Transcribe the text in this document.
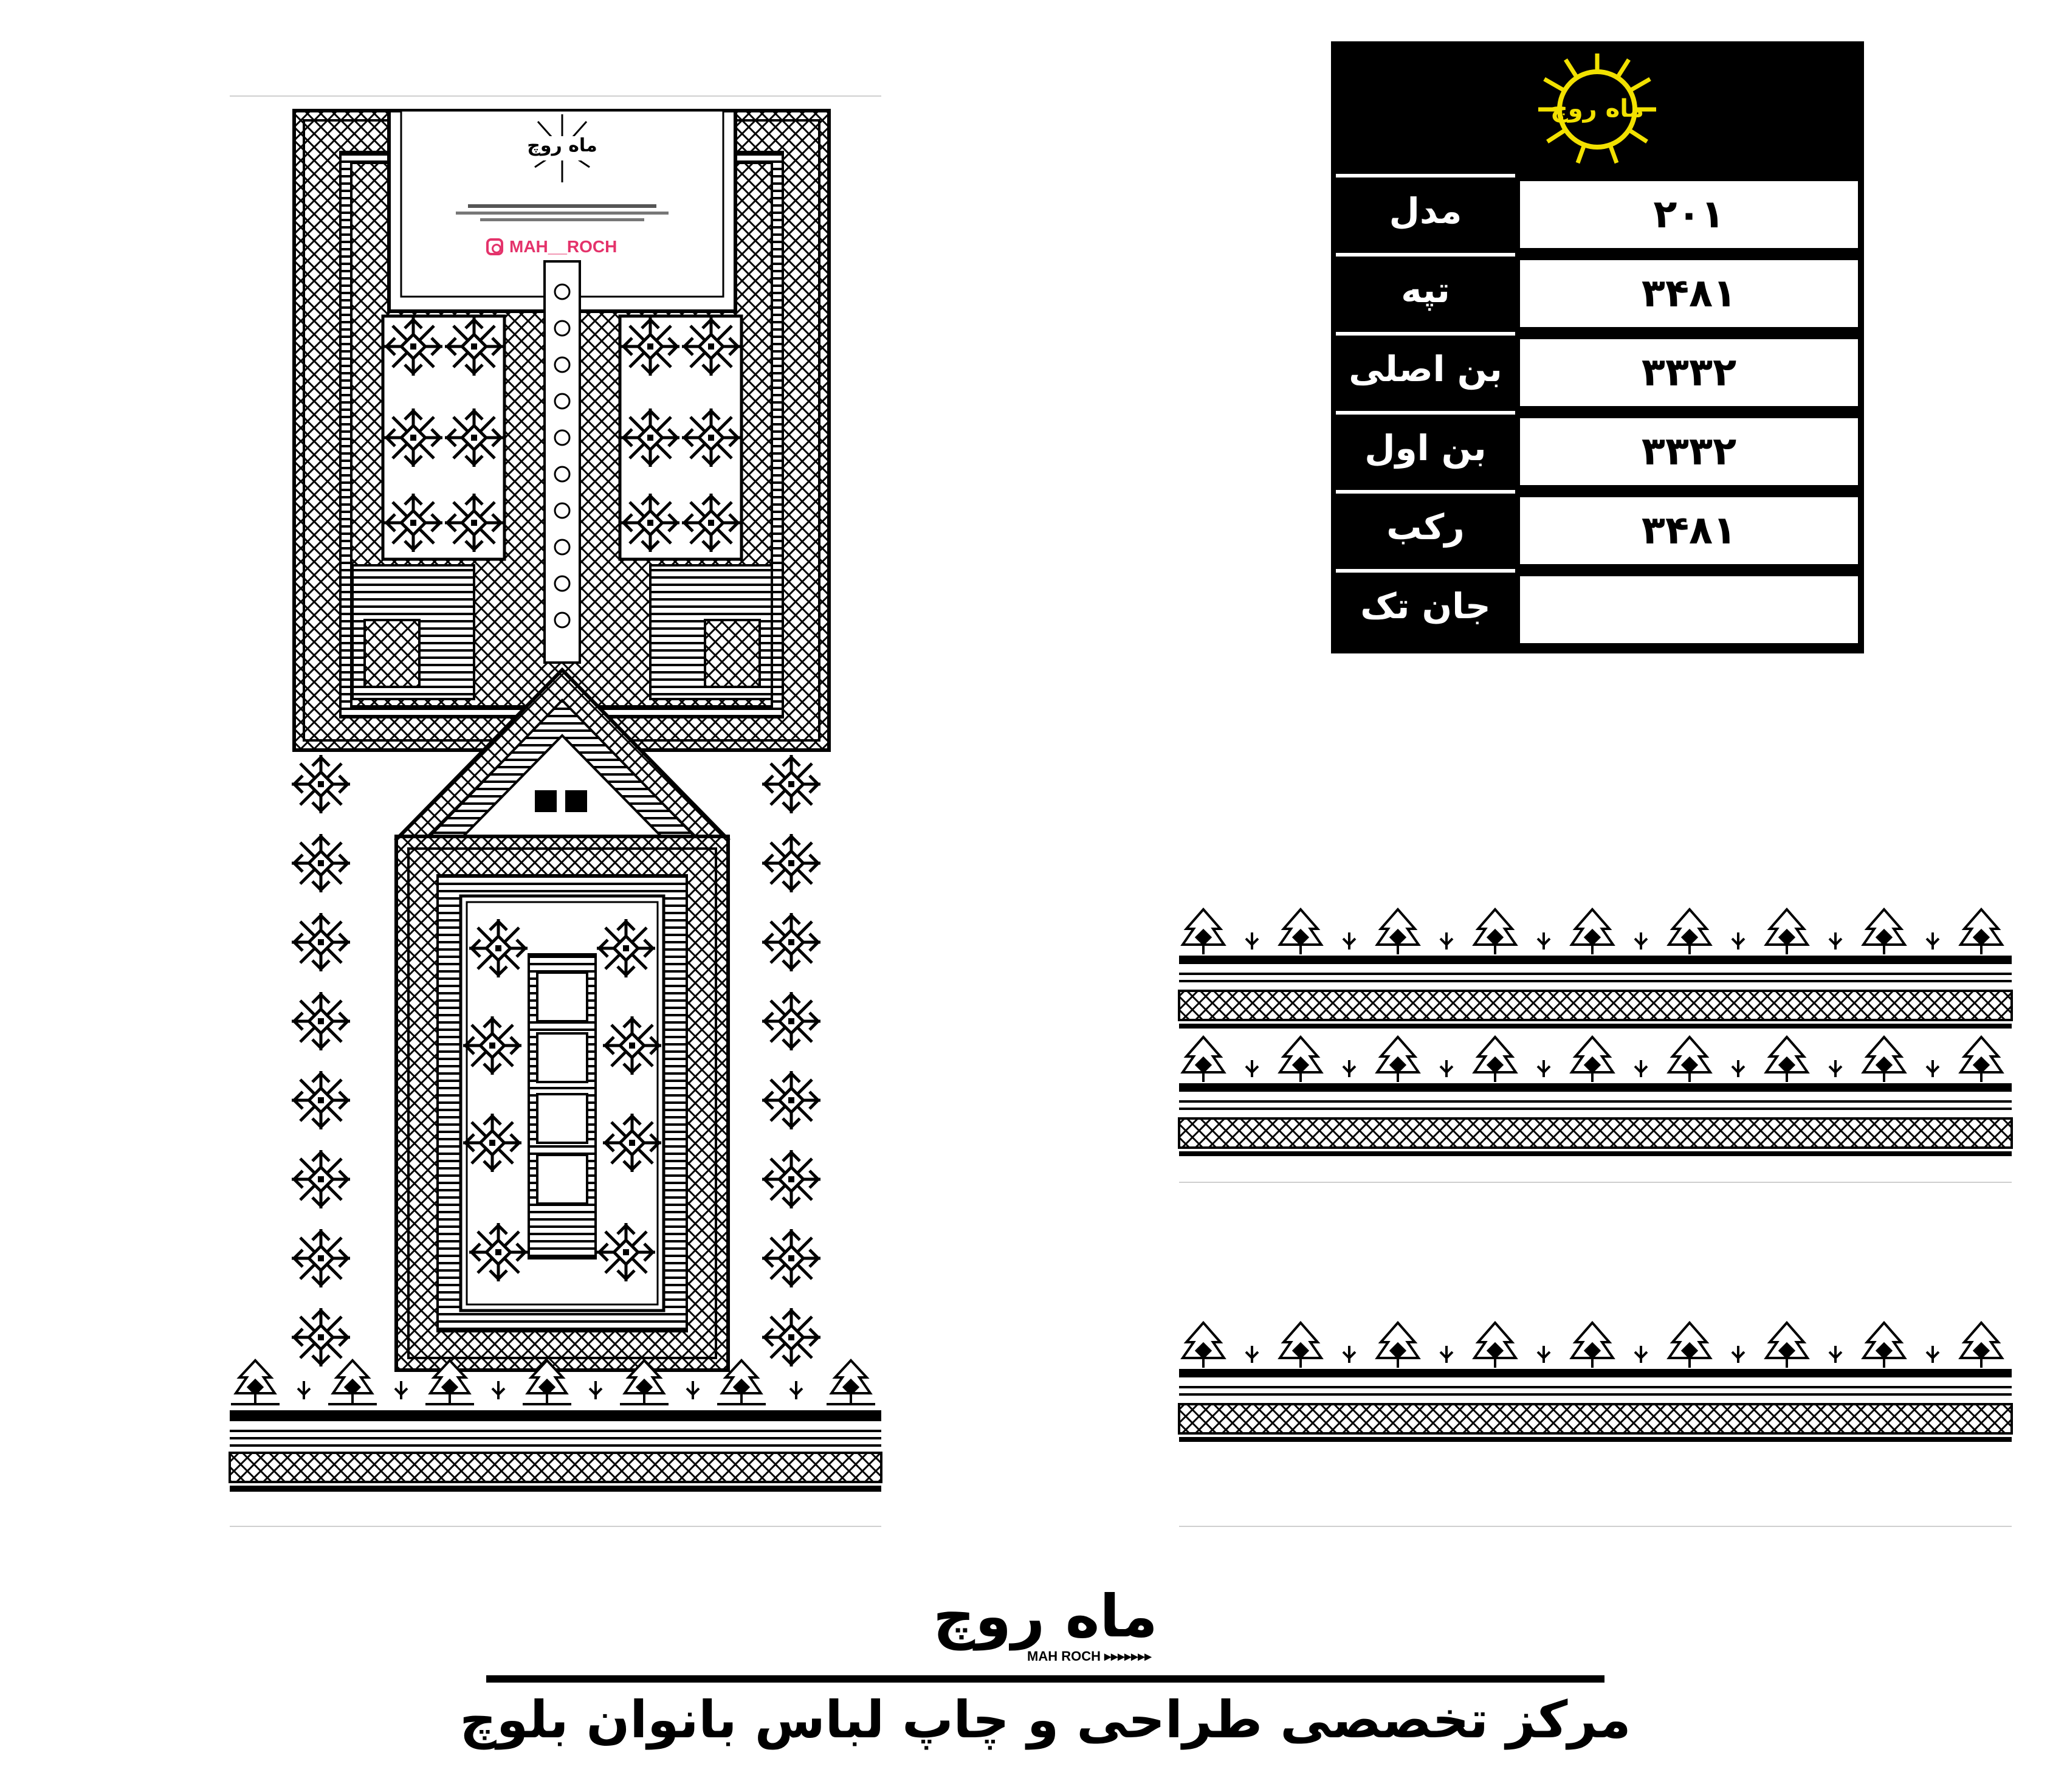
ماه روچ
MAH__ROCH
ماه روچ
۲۰۱
مدل
۳۴۸۱
تپه
۳۳۳۲
بن اصلی
۳۳۳۲
بن اول
۳۴۸۱
رکب
جان تک
ماه روچ
MAH ROCH ▸▸▸▸▸▸▸
مرکز تخصصی طراحی و چاپ لباس بانوان بلوچ
